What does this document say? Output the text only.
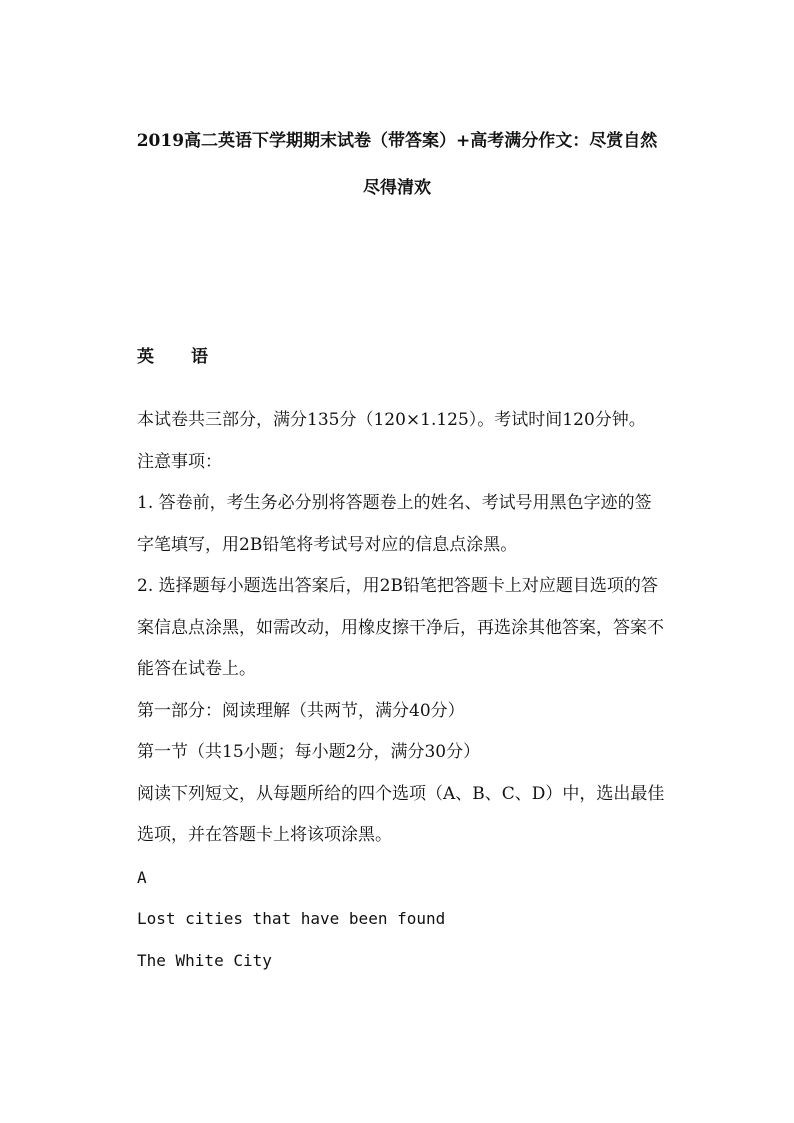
2019高二英语下学期期末试卷（带答案）+高考满分作文：尽赏自然
尽得清欢
英语

本试卷共三部分，满分135分（120×1.125）。考试时间120分钟。

注意事项：

1. 答卷前，考生务必分别将答题卷上的姓名、考试号用黑色字迹的签字笔填写，用2B铅笔将考试号对应的信息点涂黑。

2. 选择题每小题选出答案后，用2B铅笔把答题卡上对应题目选项的答案信息点涂黑，如需改动，用橡皮擦干净后，再选涂其他答案，答案不能答在试卷上。

第一部分：阅读理解（共两节，满分40分）

第一节（共15小题；每小题2分，满分30分）

阅读下列短文，从每题所给的四个选项（A、B、C、D）中，选出最佳选项，并在答题卡上将该项涂黑。

A

Lost cities that have been found

The White City
